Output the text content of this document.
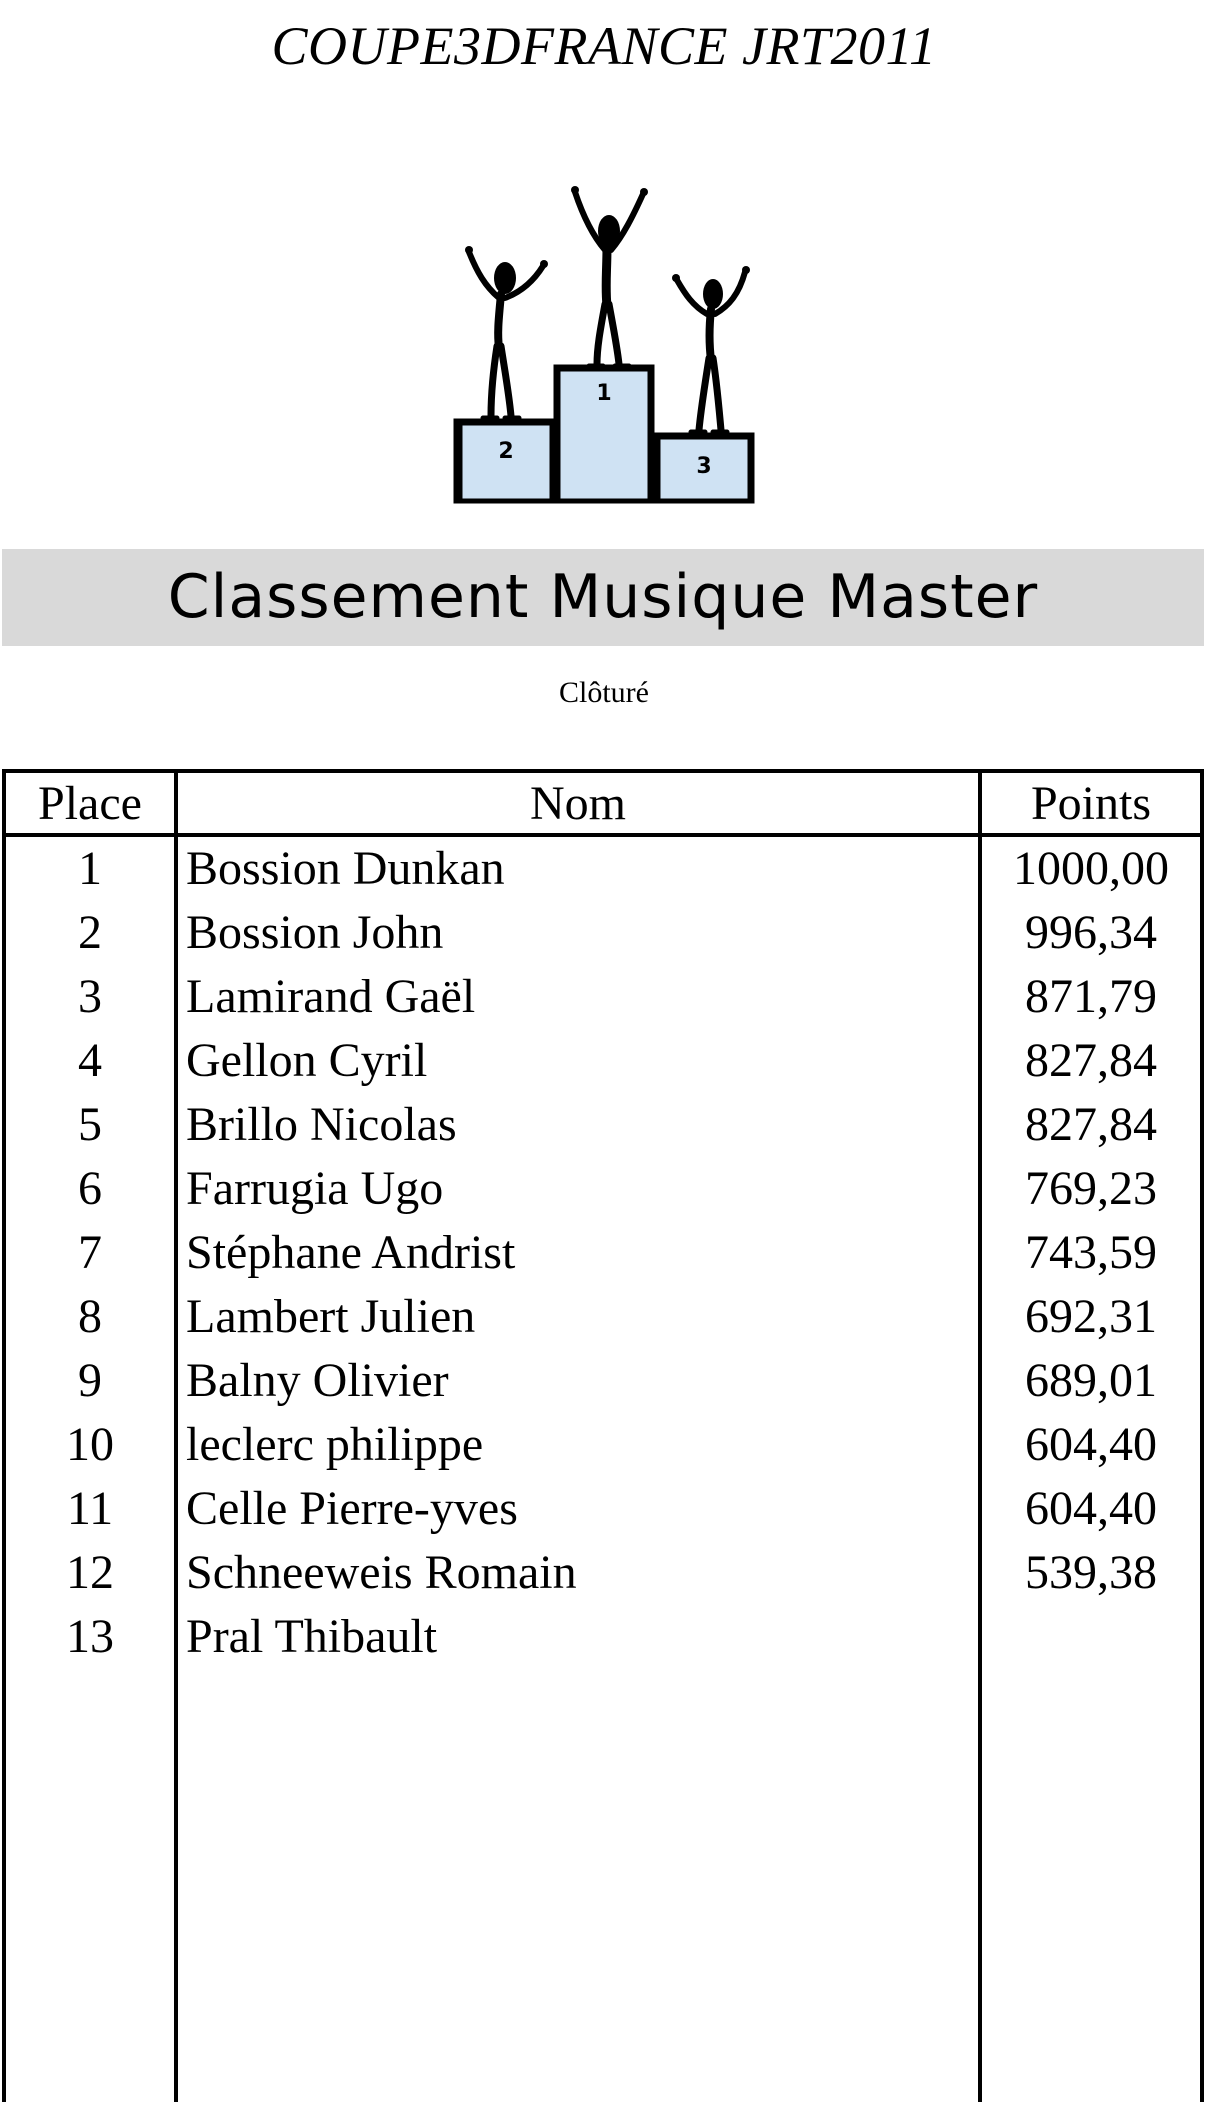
COUPE3DFRANCE JRT2011
2
1
3
Classement Musique Master
Clôturé
Place	Nom	Points
1	Bossion Dunkan	1000,00
2	Bossion John	996,34
3	Lamirand Gaël	871,79
4	Gellon Cyril	827,84
5	Brillo Nicolas	827,84
6	Farrugia Ugo	769,23
7	Stéphane Andrist	743,59
8	Lambert Julien	692,31
9	Balny Olivier	689,01
10	leclerc philippe	604,40
11	Celle Pierre-yves	604,40
12	Schneeweis Romain	539,38
13	Pral Thibault
